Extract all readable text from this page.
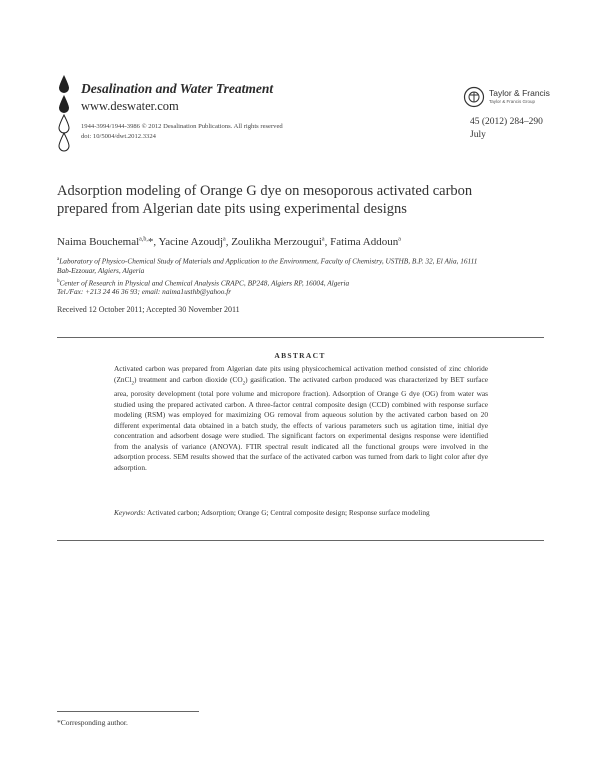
Desalination and Water Treatment
www.deswater.com
1944-3994/1944-3986 © 2012 Desalination Publications. All rights reserved
doi: 10/5004/dwt.2012.3324
Taylor & Francis
Taylor & Francis Group
45 (2012) 284–290
July
Adsorption modeling of Orange G dye on mesoporous activated carbon prepared from Algerian date pits using experimental designs
Naima Bouchemal$^{a,b,}$*, Yacine Azoudj$^a$, Zoulikha Merzougui$^a$, Fatima Addoun$^a$
$^a$Laboratory of Physico-Chemical Study of Materials and Application to the Environment, Faculty of Chemistry, USTHB, B.P. 32, El Alia, 16111 Bab-Ezzouar, Algiers, Algeria
$^b$Center of Research in Physical and Chemical Analysis CRAPC, BP248, Algiers RP, 16004, Algeria
Tel./Fax: +213 24 46 36 93; email: naima1usthb@yahoo.fr
Received 12 October 2011; Accepted 30 November 2011
ABSTRACT
Activated carbon was prepared from Algerian date pits using physicochemical activation method consisted of zinc chloride (ZnCl$_2$) treatment and carbon dioxide $(CO_2)$ gasification. The activated carbon produced was characterized by BET surface area, porosity development (total pore volume and micropore fraction). Adsorption of Orange G dye (OG) from water was studied using the prepared activated carbon. A three-factor central composite design (CCD) combined with response surface modeling (RSM) was employed for maximizing OG removal from aqueous solution by the activated carbon based on 20 different experimental data obtained in a batch study, the effects of various parameters such us agitation time, initial dye concentration and adsorbent dosage were studied. The significant factors on experimental designs response were identified from the analysis of variance (ANOVA). FTIR spectral result indicated all the functional groups were involved in the adsorption process. SEM results showed that the surface of the activated carbon was turned from dark to light color after dye adsorption.
Keywords: Activated carbon; Adsorption; Orange G; Central composite design; Response surface modeling
*Corresponding author.
